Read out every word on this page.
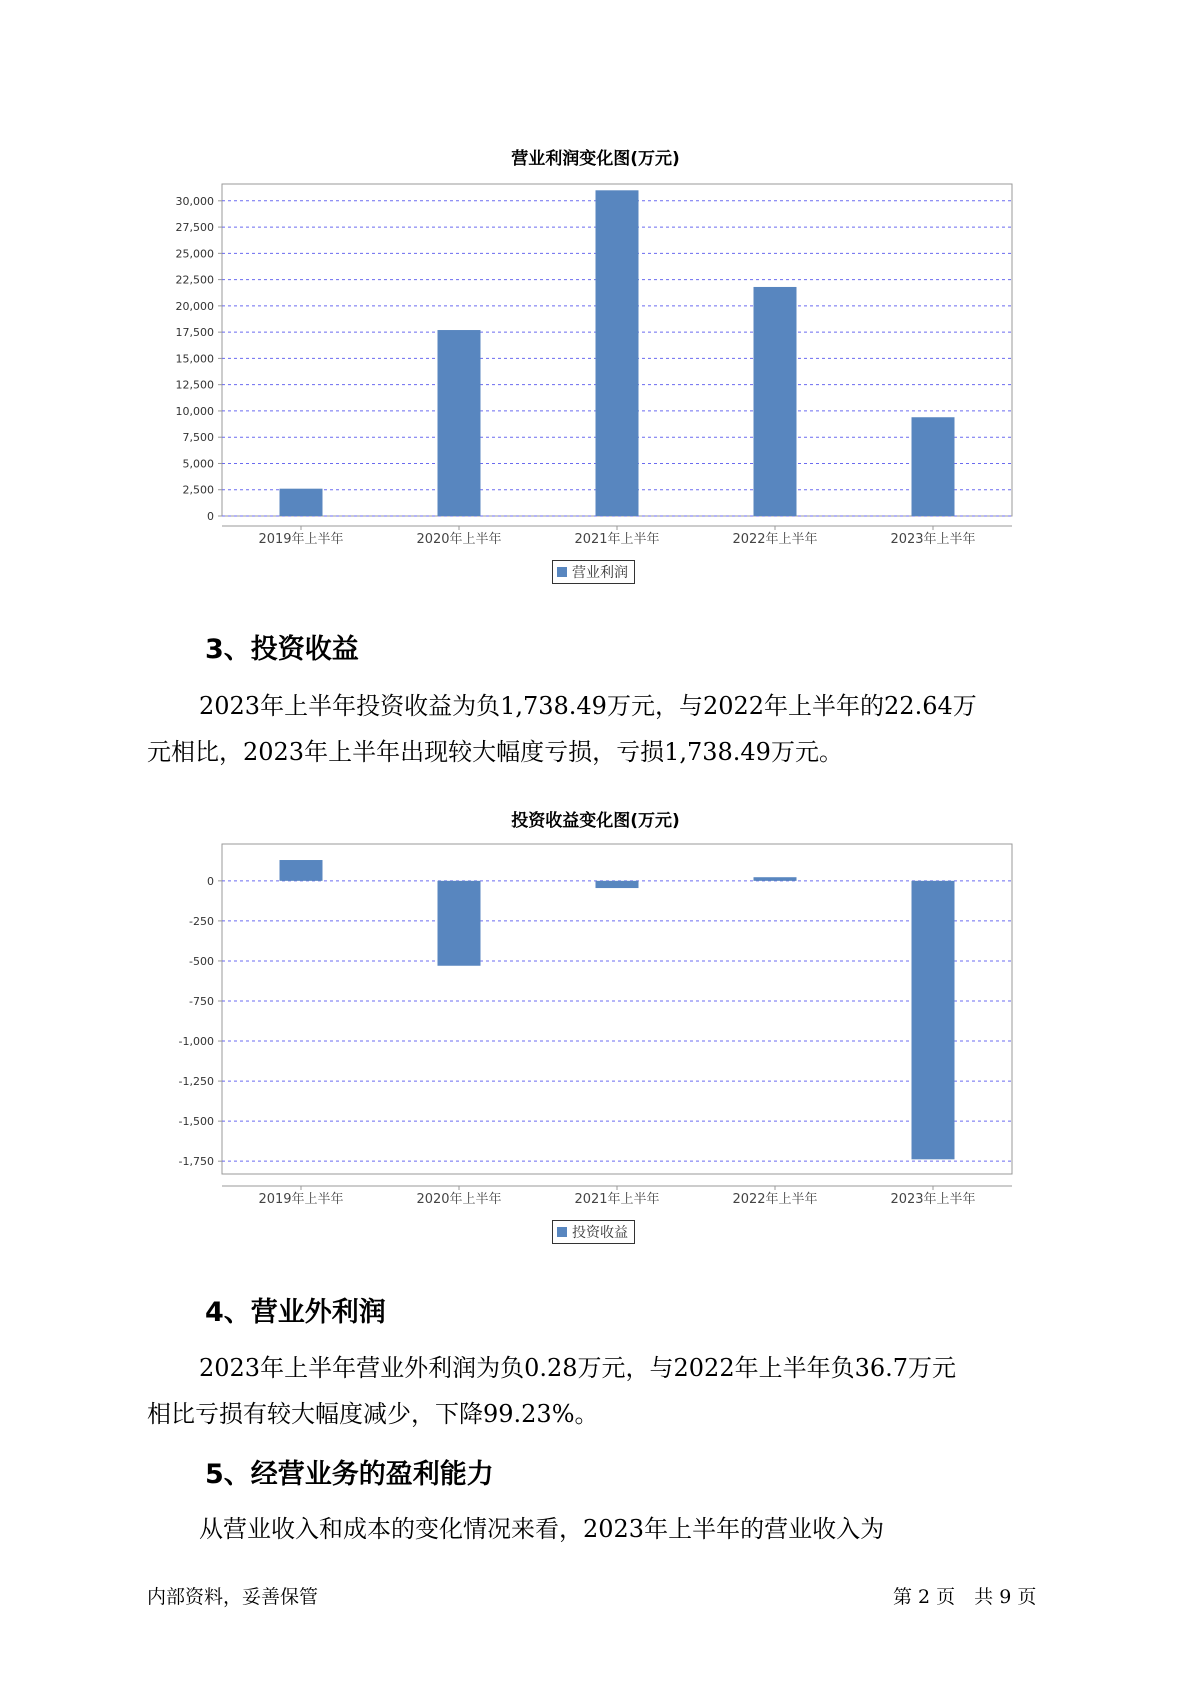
营业利润变化图(万元)
0
2,500
5,000
7,500
10,000
12,500
15,000
17,500
20,000
22,500
25,000
27,500
30,000
2019年上半年	2020年上半年	2021年上半年	2022年上半年	2023年上半年
营业利润
3、投资收益

2023年上半年投资收益为负1,738.49万元，与2022年上半年的22.64万
元相比，2023年上半年出现较大幅度亏损，亏损1,738.49万元。

投资收益变化图(万元)
0
-250
-500
-750
-1,000
-1,250
-1,500
-1,750
2019年上半年	2020年上半年	2021年上半年	2022年上半年	2023年上半年
投资收益
4、营业外利润

2023年上半年营业外利润为负0.28万元，与2022年上半年负36.7万元
相比亏损有较大幅度减少，下降99.23%。

5、经营业务的盈利能力

从营业收入和成本的变化情况来看，2023年上半年的营业收入为

内部资料，妥善保管	第 2 页　共 9 页
